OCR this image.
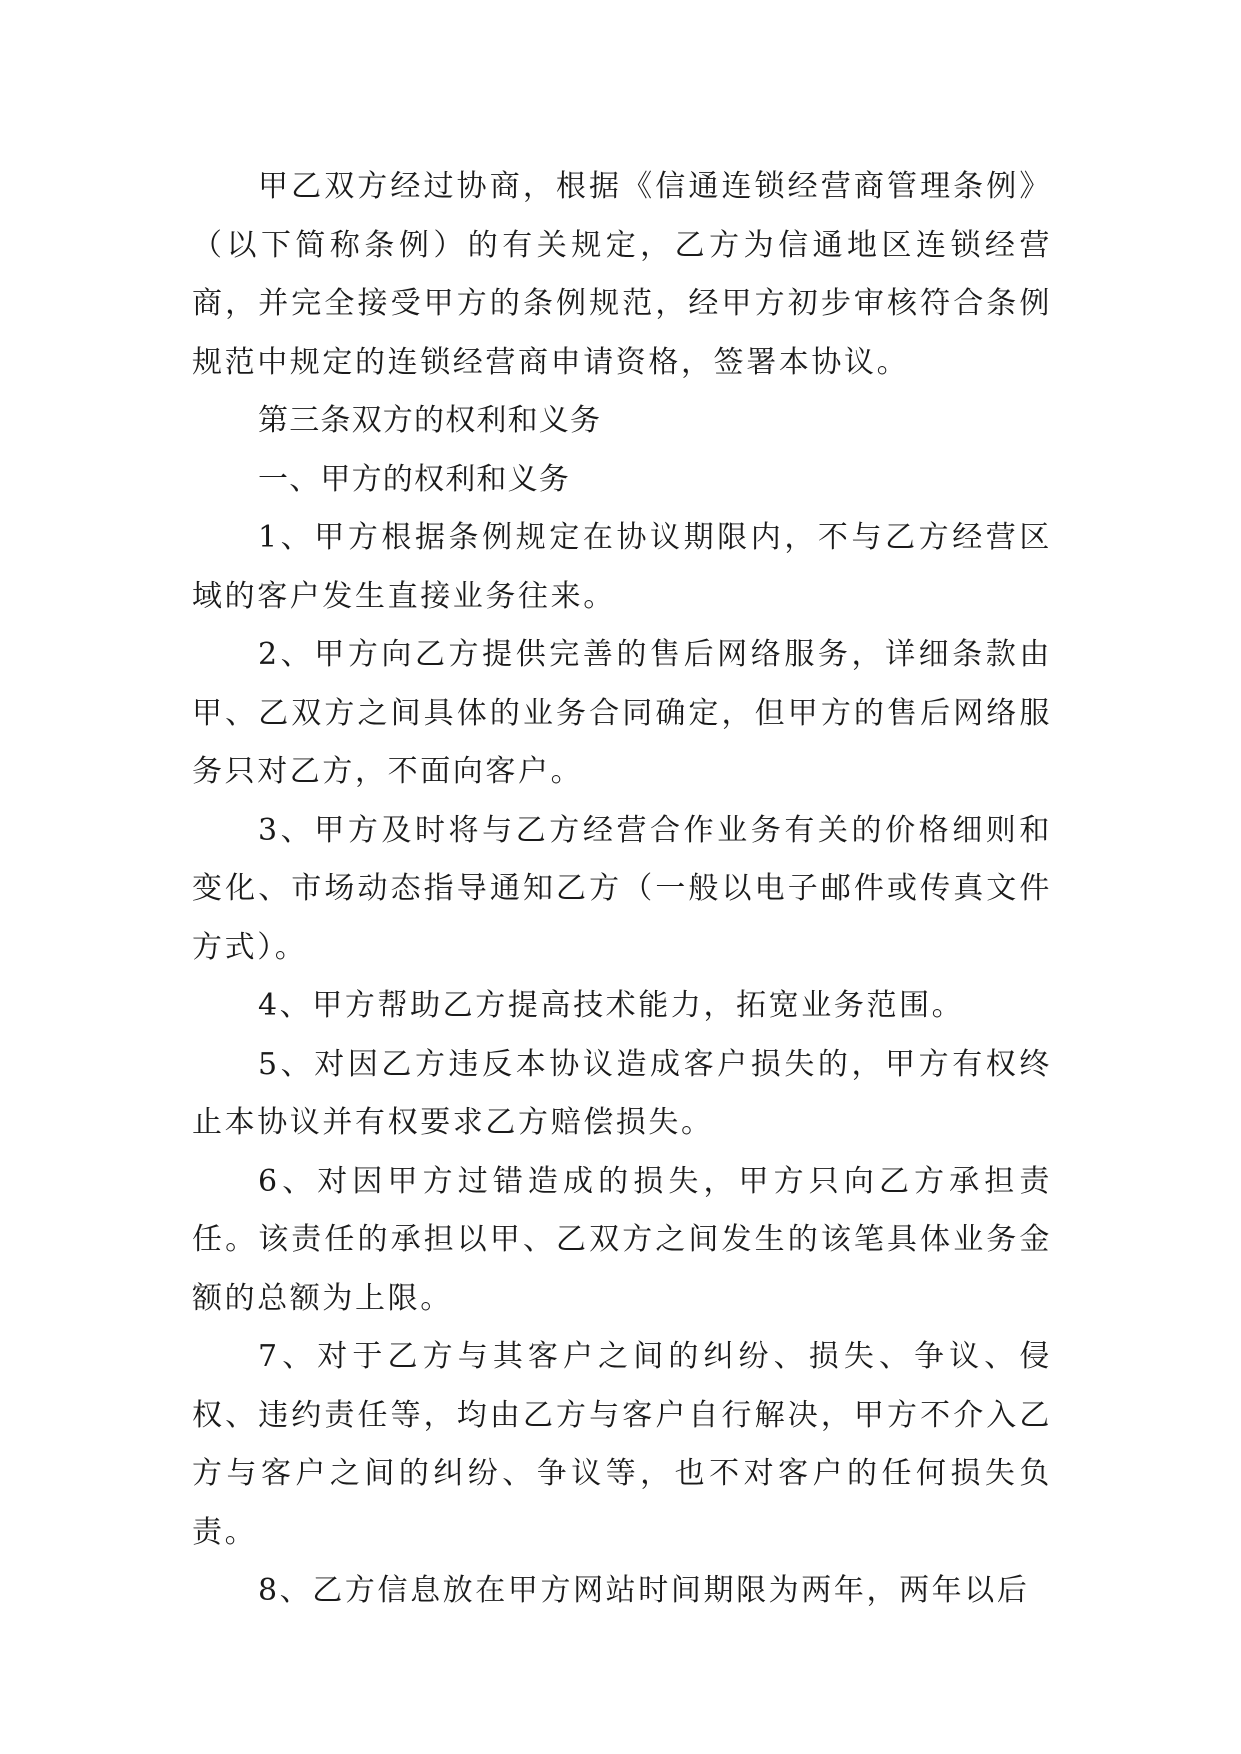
甲乙双方经过协商，根据《信通连锁经营商管理条例》（以下简称条例）的有关规定，乙方为信通地区连锁经营商，并完全接受甲方的条例规范，经甲方初步审核符合条例规范中规定的连锁经营商申请资格，签署本协议。

第三条双方的权利和义务

一、甲方的权利和义务

1、甲方根据条例规定在协议期限内，不与乙方经营区域的客户发生直接业务往来。

2、甲方向乙方提供完善的售后网络服务，详细条款由甲、乙双方之间具体的业务合同确定，但甲方的售后网络服务只对乙方，不面向客户。

3、甲方及时将与乙方经营合作业务有关的价格细则和变化、市场动态指导通知乙方（一般以电子邮件或传真文件方式）。

4、甲方帮助乙方提高技术能力，拓宽业务范围。

5、对因乙方违反本协议造成客户损失的，甲方有权终止本协议并有权要求乙方赔偿损失。

6、对因甲方过错造成的损失，甲方只向乙方承担责任。该责任的承担以甲、乙双方之间发生的该笔具体业务金额的总额为上限。

7、对于乙方与其客户之间的纠纷、损失、争议、侵权、违约责任等，均由乙方与客户自行解决，甲方不介入乙方与客户之间的纠纷、争议等，也不对客户的任何损失负责。

8、乙方信息放在甲方网站时间期限为两年，两年以后
